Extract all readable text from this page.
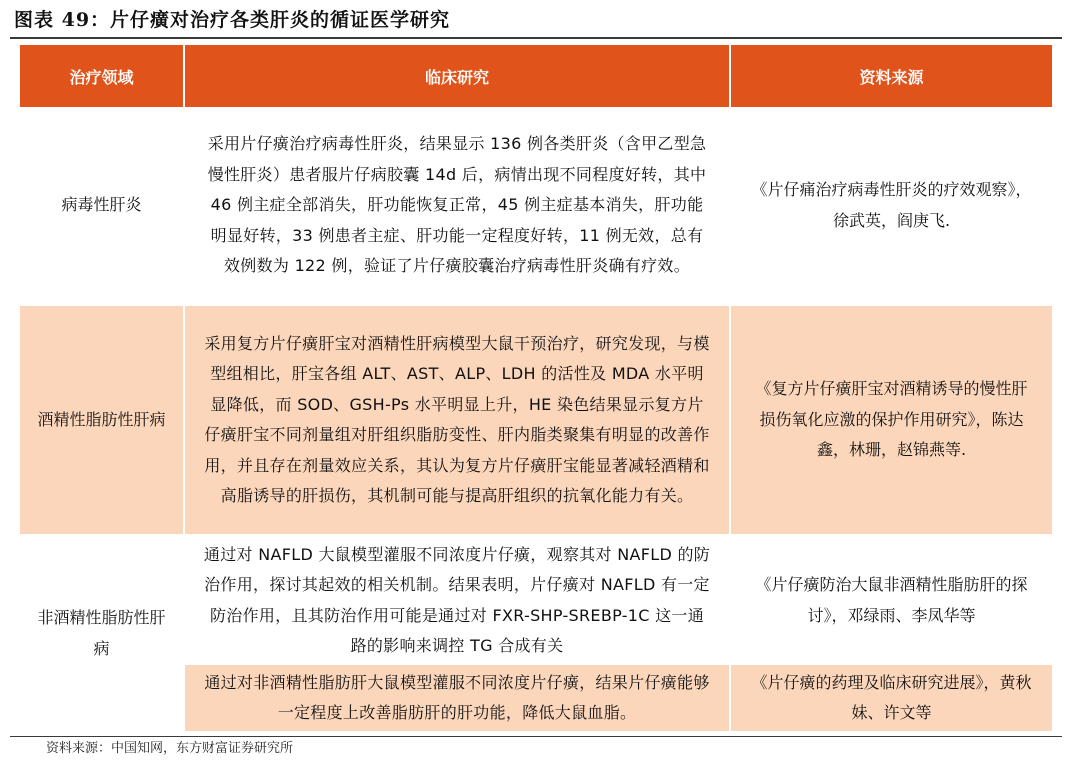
图表 49：片仔癀对治疗各类肝炎的循证医学研究
治疗领域	临床研究	资料来源
病毒性肝炎	采用片仔癀治疗病毒性肝炎，结果显示 136 例各类肝炎（含甲乙型急慢性肝炎）患者服片仔病胶囊 14d 后，病情出现不同程度好转，其中 46 例主症全部消失，肝功能恢复正常，45 例主症基本消失，肝功能明显好转，33 例患者主症、肝功能一定程度好转，11 例无效，总有效例数为 122 例，验证了片仔癀胶囊治疗病毒性肝炎确有疗效。	《片仔痛治疗病毒性肝炎的疗效观察》，徐武英，阎庚飞.
酒精性脂肪性肝病	采用复方片仔癀肝宝对酒精性肝病模型大鼠干预治疗，研究发现，与模型组相比，肝宝各组 ALT、AST、ALP、LDH 的活性及 MDA 水平明显降低，而 SOD、GSH-Ps 水平明显上升，HE 染色结果显示复方片仔癀肝宝不同剂量组对肝组织脂肪变性、肝内脂类聚集有明显的改善作用，并且存在剂量效应关系，其认为复方片仔癀肝宝能显著减轻酒精和高脂诱导的肝损伤，其机制可能与提高肝组织的抗氧化能力有关。	《复方片仔癀肝宝对酒精诱导的慢性肝损伤氧化应激的保护作用研究》，陈达鑫，林珊，赵锦燕等.
非酒精性脂肪性肝病	通过对 NAFLD 大鼠模型灌服不同浓度片仔癀，观察其对 NAFLD 的防治作用，探讨其起效的相关机制。结果表明，片仔癀对 NAFLD 有一定防治作用，且其防治作用可能是通过对 FXR-SHP-SREBP-1C 这一通路的影响来调控 TG 合成有关	《片仔癀防治大鼠非酒精性脂肪肝的探讨》，邓绿雨、李凤华等
	通过对非酒精性脂肪肝大鼠模型灌服不同浓度片仔癀，结果片仔癀能够一定程度上改善脂肪肝的肝功能，降低大鼠血脂。	《片仔癀的药理及临床研究进展》，黄秋妹、许文等
资料来源：中国知网，东方财富证券研究所
